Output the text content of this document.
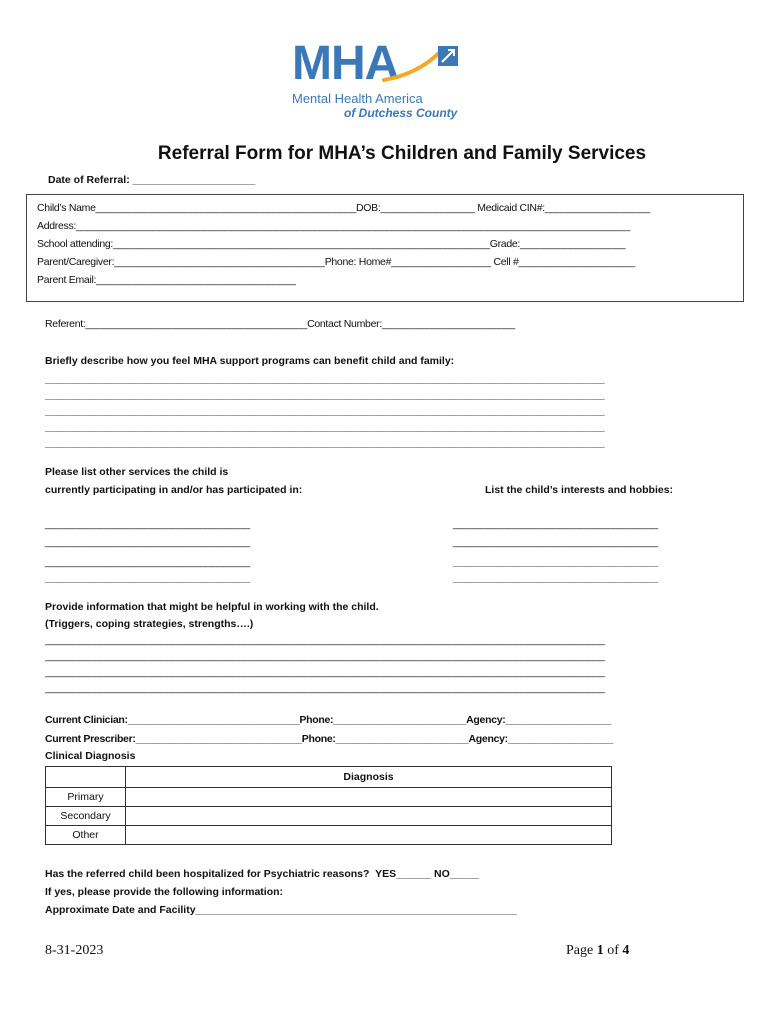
MHA
Mental Health America
of Dutchess County
Referral Form for MHA’s Children and Family Services
Date of Referral: _____________________
Child’s Name_______________________________________________DOB:_________________ Medicaid CIN#:___________________
Address:____________________________________________________________________________________________________
School attending:____________________________________________________________________Grade:___________________
Parent/Caregiver:______________________________________Phone: Home#__________________ Cell #_____________________
Parent Email:____________________________________
Referent:________________________________________Contact Number:________________________
Briefly describe how you feel MHA support programs can benefit child and family:
_____________________________________________________________________________________________________
_____________________________________________________________________________________________________
_____________________________________________________________________________________________________
_____________________________________________________________________________________________________
_____________________________________________________________________________________________________
Please list other services the child is
currently participating in and/or has participated in:	List the child’s interests and hobbies:
_____________________________________
_____________________________________
_____________________________________
_____________________________________
_____________________________________
_____________________________________
_____________________________________
_____________________________________
Provide information that might be helpful in working with the child.
(Triggers, coping strategies, strengths….)
_____________________________________________________________________________________________________
_____________________________________________________________________________________________________
_____________________________________________________________________________________________________
_____________________________________________________________________________________________________
Current Clinician:_______________________________Phone:________________________Agency:___________________
Current Prescriber:______________________________Phone:________________________Agency:___________________
Clinical Diagnosis
	Diagnosis
Primary	
Secondary	
Other	
Has the referred child been hospitalized for Psychiatric reasons?  YES______ NO_____
If yes, please provide the following information:
Approximate Date and Facility_______________________________________________________
8-31-2023	Page 1 of 4
